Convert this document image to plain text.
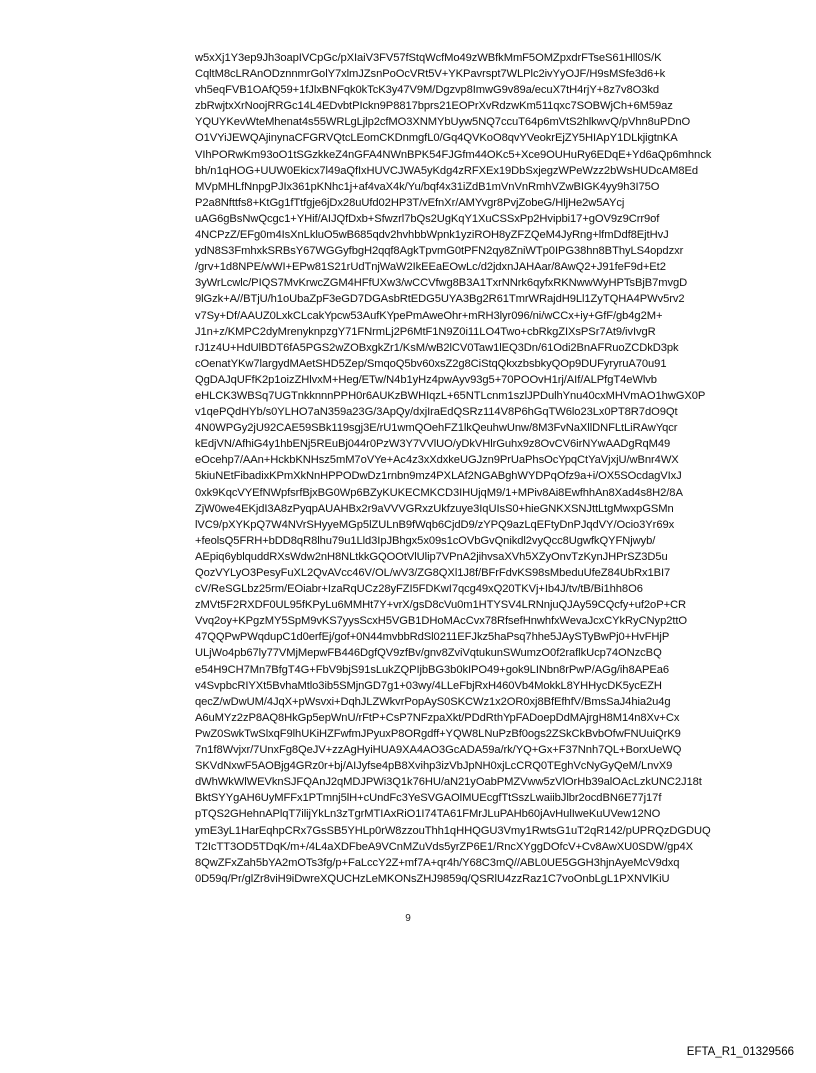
w5xXj1Y3ep9Jh3oapIVCpGc/pXIaiV3FV57fStqWcfMo49zWBfkMmF5OMZpxdrFTseS61Hll0S/K
CqltM8cLRAnODznnmrGolY7xlmJZsnPoOcVRt5V+YKPavrspt7WLPlc2ivYyOJF/H9sMSfe3d6+k
vh5eqFVB1OAfQ59+1fJlxBNFqk0kTcK3y47V9M/Dgzvp8ImwG9v89a/ecuX7tH4rjY+8z7v8O3kd
zbRwjtxXrNoojRRGc14L4EDvbtPIckn9P8817bprs21EOPrXvRdzwKm511qxc7SOBWjCh+6M59az
YQUYKevWteMhenat4s55WRLgLjlp2cfMO3XNMYbUyw5NQ7ccuT64p6mVtS2hlkwvQ/pVhn8uPDnO
O1VYiJEWQAjinynaCFGRVQtcLEomCKDnmgfL0/Gq4QVKoO8qvYVeokrEjZY5HIApY1DLkjigtnKA
VIhPORwKm93oO1tSGzkkeZ4nGFA4NWnBPK54FJGfm44OKc5+Xce9OUHuRy6EDqE+Yd6aQp6mhnck
bh/n1qHOG+UUW0Ekicx7l49aQfIxHUVCJWA5yKdg4zRFXEx19DbSxjegzWPeWzz2bWsHUDcAM8Ed
MVpMHLfNnpgPJIx361pKNhc1j+af4vaX4k/Yu/bqf4x31iZdB1mVnVnRmhVZwBIGK4yy9h3I75O
P2a8Nfttfs8+KtGg1fTtfgje6jDx28uUfd02HP3T/vEfnXr/AMYvgr8PvjZobeG/HljHe2w5AYcj
uAG6gBsNwQcgc1+YHif/AIJQfDxb+Sfwzrl7bQs2UgKqY1XuCSSxPp2Hvipbi17+gOV9z9Crr9of
4NCPzZ/EFg0m4IsXnLkluO5wB685qdv2hvhbbWpnk1yziROH8yZFZQeM4JyRng+lfmDdf8EjtHvJ
ydN8S3FmhxkSRBsY67WGGyfbgH2qqf8AgkTpvmG0tPFN2qy8ZniWTp0IPG38hn8BThyLS4opdzxr
/grv+1d8NPE/wWI+EPw81S21rUdTnjWaW2IkEEaEOwLc/d2jdxnJAHAar/8AwQ2+J91feF9d+Et2
3yWrLcwlc/PIQS7MvKrwcZGM4HFfUXw3/wCCVfwg8B3A1TxrNNrk6qyfxRKNwwWyHPTsBjB7mvgD
9lGzk+A//BTjU/h1oUbaZpF3eGD7DGAsbRtEDG5UYA3Bg2R61TmrWRajdH9Ll1ZyTQHA4PWv5rv2
v7Sy+Df/AAUZ0LxkCLcakYpcw53AufKYpePmAweOhr+mRH3lyr096/ni/wCCx+iy+GfF/gb4g2M+
J1n+z/KMPC2dyMrenyknpzgY71FNrmLj2P6MtF1N9Z0i11LO4Two+cbRkgZIXsPSr7At9/ivIvgR
rJ1z4U+HdUlBDT6fA5PGS2wZOBxgkZr1/KsM/wB2lCV0Taw1lEQ3Dn/61Odi2BnAFRuoZCDkD3pk
cOenatYKw7largydMAetSHD5Zep/SmqoQ5bv60xsZ2g8CiStqQkxzbsbkyQOp9DUFyryruA70u91
QgDAJqUFfK2p1oizZHlvxM+Heg/ETw/N4b1yHz4pwAyv93g5+70POOvH1rj/AIf/ALPfgT4eWlvb
eHLCK3WBSq7UGTnkknnnPPH0r6AUKzBWHIqzL+65NTLcnm1szlJPDulhYnu40cxMHVmAO1hwGX0P
v1qePQdHYb/s0YLHO7aN359a23G/3ApQy/dxjIraEdQSRz114V8P6hGqTW6lo23Lx0PT8R7dO9Qt
4N0WPGy2jU92CAE59SBk119sgj3E/rU1wmQOehFZ1lkQeuhwUnw/8M3FvNaXllDNFLtLiRAwYqcr
kEdjVN/AfhiG4y1hbENj5REuBj044r0PzW3Y7VVlUO/yDkVHlrGuhx9z8OvCV6irNYwAADgRqM49
eOcehp7/AAn+HckbKNHsz5mM7oVYe+Ac4z3xXdxkeUGJzn9PrUaPhsOcYpqCtYaVjxjU/wBnr4WX
5kiuNEtFibadixKPmXkNnHPPODwDz1rnbn9mz4PXLAf2NGABghWYDPqOfz9a+i/OX5SOcdagVIxJ
0xk9KqcVYEfNWpfsrfBjxBG0Wp6BZyKUKECMKCD3IHUjqM9/1+MPiv8Ai8EwfhhAn8Xad4s8H2/8A
ZjW0we4EKjdI3A8zPyqpAUAHBx2r9aVVVGRxzUkfzuye3IqUIsS0+hieGNKXSNJttLtgMwxpGSMn
lVC9/pXYKpQ7W4NVrSHyyeMGp5lZULnB9fWqb6CjdD9/zYPQ9azLqEFtyDnPJqdVY/Ocio3Yr69x
+feolsQ5FRH+bDD8qR8lhu79u1Lld3IpJBhgx5x09s1cOVbGvQnikdl2vyQcc8UgwfkQYFNjwyb/
AEpiq6yblquddRXsWdw2nH8NLtkkGQOOtVlUlip7VPnA2jihvsaXVh5XZyOnvTzKynJHPrSZ3D5u
QozVYLyO3PesyFuXL2QvAVcc46V/OL/wV3/ZG8QXl1J8f/BFrFdvKS98sMbeduUfeZ84UbRx1BI7
cV/ReSGLbz25rm/EOiabr+IzaRqUCz28yFZI5FDKwI7qcg49xQ20TKVj+Ib4J/tv/tB/Bi1hh8O6
zMVt5F2RXDF0UL95fKPyLu6MMHt7Y+vrX/gsD8cVu0m1HTYSV4LRNnjuQJAy59CQcfy+uf2oP+CR
Vvq2oy+KPgzMY5SpM9vKS7yysScxH5VGB1DHoMAcCvx78RfsefHnwhfxWevaJcxCYkRyCNyp2ttO
47QQPwPWqdupC1d0erfEj/gof+0N44mvbbRdSl0211EFJkz5haPsq7hhe5JAySTyBwPj0+HvFHjP
ULjWo4pb67ly77VMjMepwFB446DgfQV9zfBv/gnv8ZviVqtukunSWumzO0f2raflkUcp74ONzcBQ
e54H9CH7Mn7BfgT4G+FbV9bjS91sLukZQPIjbBG3b0kIPO49+gok9LINbn8rPwP/AGg/ih8APEa6
v4SvpbcRIYXt5BvhaMtlo3ib5SMjnGD7g1+03wy/4LLeFbjRxH460Vb4MokkL8YHHycDK5ycEZH
qecZ/wDwUM/4JqX+pWsvxi+DqhJLZWkvrPopAyS0SKCWz1x2OR0xj8BfEfhfV/BmsSaJ4hia2u4g
A6uMYz2zP8AQ8HkGp5epWnU/rFtP+CsP7NFzpaXkt/PDdRthYpFADoepDdMAjrgH8M14n8Xv+Cx
PwZ0SwkTwSlxqF9lhUKiHZFwfmJPyuxP8ORgdff+YQW8LNuPzBf0ogs2ZSkCkBvbOfwFNUuiQrK9
7n1f8Wvjxr/7UnxFg8QeJV+zzAgHyiHUA9XA4AO3GcADA59a/rk/YQ+Gx+F37Nnh7QL+BorxUeWQ
SKVdNxwF5AOBjg4GRz0r+bj/AIJyfse4pB8Xvihp3izVbJpNH0xjLcCRQ0TEghVcNyGyQeM/LnvX9
dWhWkWlWEVknSJFQAnJ2qMDJPWi3Q1k76HU/aN21yOabPMZVww5zVlOrHb39alOAcLzkUNC2J18t
BktSYYgAH6UyMFFx1PTmnj5lH+cUndFc3YeSVGAOlMUEcgfTtSszLwaiibJlbr2ocdBN6E77j17f
pTQS2GHehnAPlqT7ilijYkLn3zTgrMTIAxRiO1I74TA61FMrJLuPAHb60jAvHulIweKuUVew12NO
ymE3yL1HarEqhpCRx7GsSB5YHLp0rW8zzouThh1qHHQGU3Vmy1RwtsG1uT2qR142/pUPRQzDGDUQ
T2IcTT3OD5TDqK/m+/4L4aXDFbeA9VCnMZuVds5yrZP6E1/RncXYggDOfcV+Cv8AwXU0SDW/gp4X
8QwZFxZah5bYA2mOTs3fg/p+FaLccY2Z+mf7A+qr4h/Y68C3mQ//ABL0UE5GGH3hjnAyeMcV9dxq
0D59q/Pr/glZr8viH9iDwreXQUCHzLeMKONsZHJ9859q/QSRlU4zzRaz1C7voOnbLgL1PXNVlKiU
9
EFTA_R1_01329566
